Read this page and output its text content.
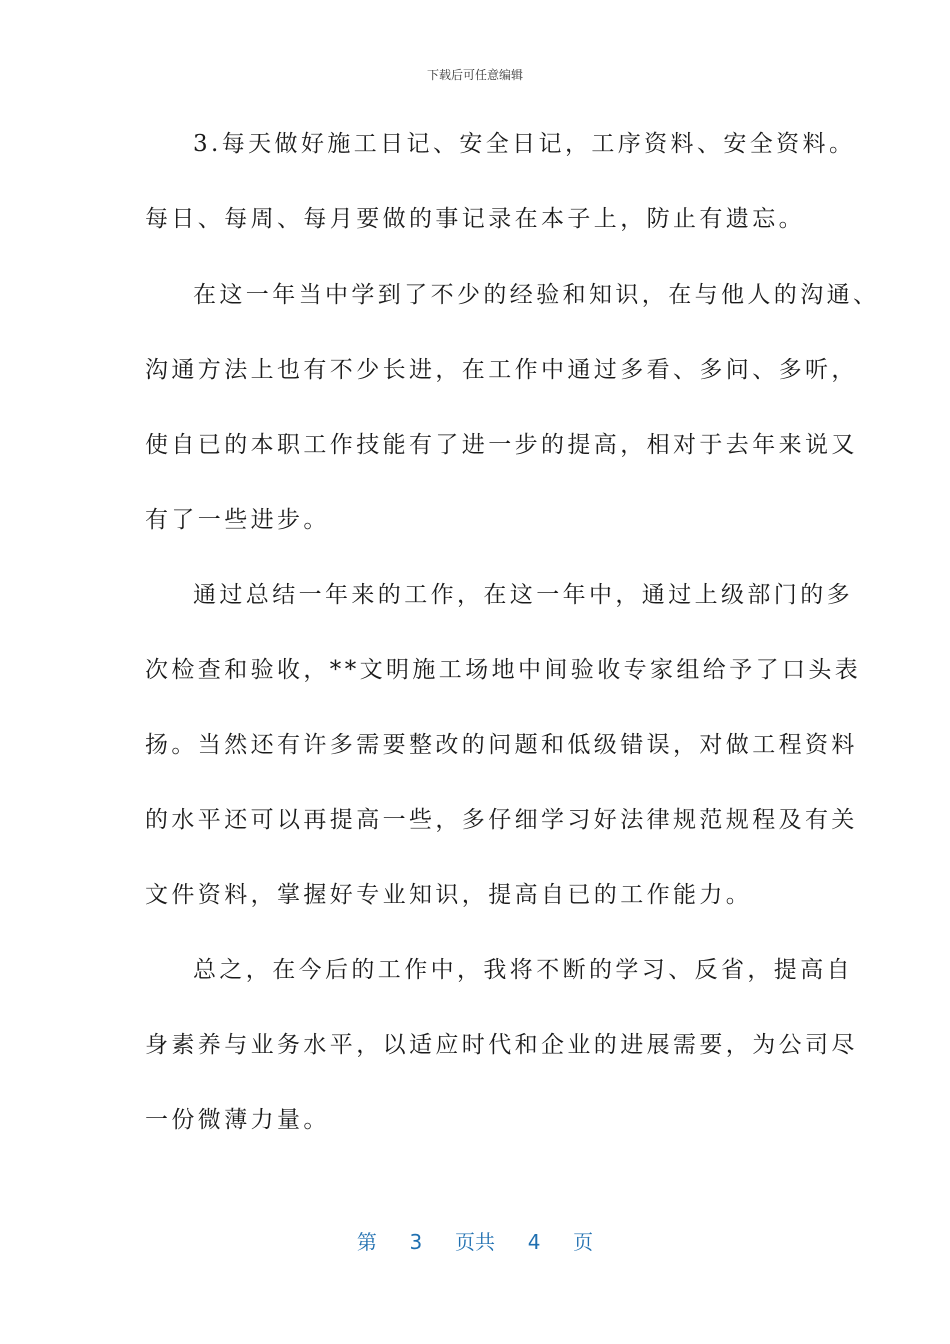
下载后可任意编辑
3.每天做好施工日记、安全日记，工序资料、安全资料。
每日、每周、每月要做的事记录在本子上，防止有遗忘。
在这一年当中学到了不少的经验和知识，在与他人的沟通、
沟通方法上也有不少长进，在工作中通过多看、多问、多听，
使自已的本职工作技能有了进一步的提高，相对于去年来说又
有了一些进步。
通过总结一年来的工作，在这一年中，通过上级部门的多
次检查和验收，**文明施工场地中间验收专家组给予了口头表
扬。当然还有许多需要整改的问题和低级错误，对做工程资料
的水平还可以再提高一些，多仔细学习好法律规范规程及有关
文件资料，掌握好专业知识，提高自已的工作能力。
总之，在今后的工作中，我将不断的学习、反省，提高自
身素养与业务水平，以适应时代和企业的进展需要，为公司尽
一份微薄力量。
第 3 页共 4 页
